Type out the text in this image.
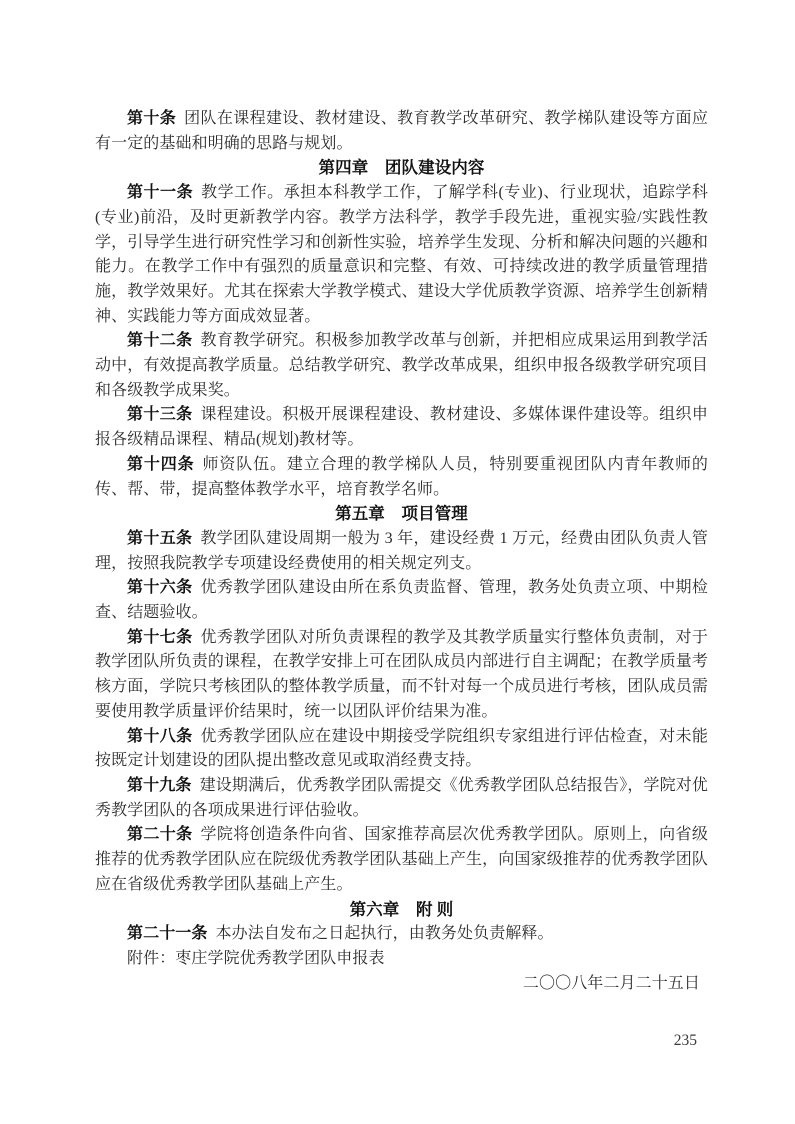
第十条 团队在课程建设、教材建设、教育教学改革研究、教学梯队建设等方面应有一定的基础和明确的思路与规划。

第四章　团队建设内容

第十一条 教学工作。承担本科教学工作，了解学科(专业)、行业现状，追踪学科(专业)前沿，及时更新教学内容。教学方法科学，教学手段先进，重视实验/实践性教学，引导学生进行研究性学习和创新性实验，培养学生发现、分析和解决问题的兴趣和能力。在教学工作中有强烈的质量意识和完整、有效、可持续改进的教学质量管理措施，教学效果好。尤其在探索大学教学模式、建设大学优质教学资源、培养学生创新精神、实践能力等方面成效显著。

第十二条 教育教学研究。积极参加教学改革与创新，并把相应成果运用到教学活动中，有效提高教学质量。总结教学研究、教学改革成果，组织申报各级教学研究项目和各级教学成果奖。

第十三条 课程建设。积极开展课程建设、教材建设、多媒体课件建设等。组织申报各级精品课程、精品(规划)教材等。

第十四条 师资队伍。建立合理的教学梯队人员，特别要重视团队内青年教师的传、帮、带，提高整体教学水平，培育教学名师。

第五章　项目管理

第十五条 教学团队建设周期一般为 3 年，建设经费 1 万元，经费由团队负责人管理，按照我院教学专项建设经费使用的相关规定列支。

第十六条 优秀教学团队建设由所在系负责监督、管理，教务处负责立项、中期检查、结题验收。

第十七条 优秀教学团队对所负责课程的教学及其教学质量实行整体负责制，对于教学团队所负责的课程，在教学安排上可在团队成员内部进行自主调配；在教学质量考核方面，学院只考核团队的整体教学质量，而不针对每一个成员进行考核，团队成员需要使用教学质量评价结果时，统一以团队评价结果为准。

第十八条 优秀教学团队应在建设中期接受学院组织专家组进行评估检查，对未能按既定计划建设的团队提出整改意见或取消经费支持。

第十九条 建设期满后，优秀教学团队需提交《优秀教学团队总结报告》，学院对优秀教学团队的各项成果进行评估验收。

第二十条 学院将创造条件向省、国家推荐高层次优秀教学团队。原则上，向省级推荐的优秀教学团队应在院级优秀教学团队基础上产生，向国家级推荐的优秀教学团队应在省级优秀教学团队基础上产生。

第六章　附 则

第二十一条 本办法自发布之日起执行，由教务处负责解释。

附件：枣庄学院优秀教学团队申报表

二〇〇八年二月二十五日

235
